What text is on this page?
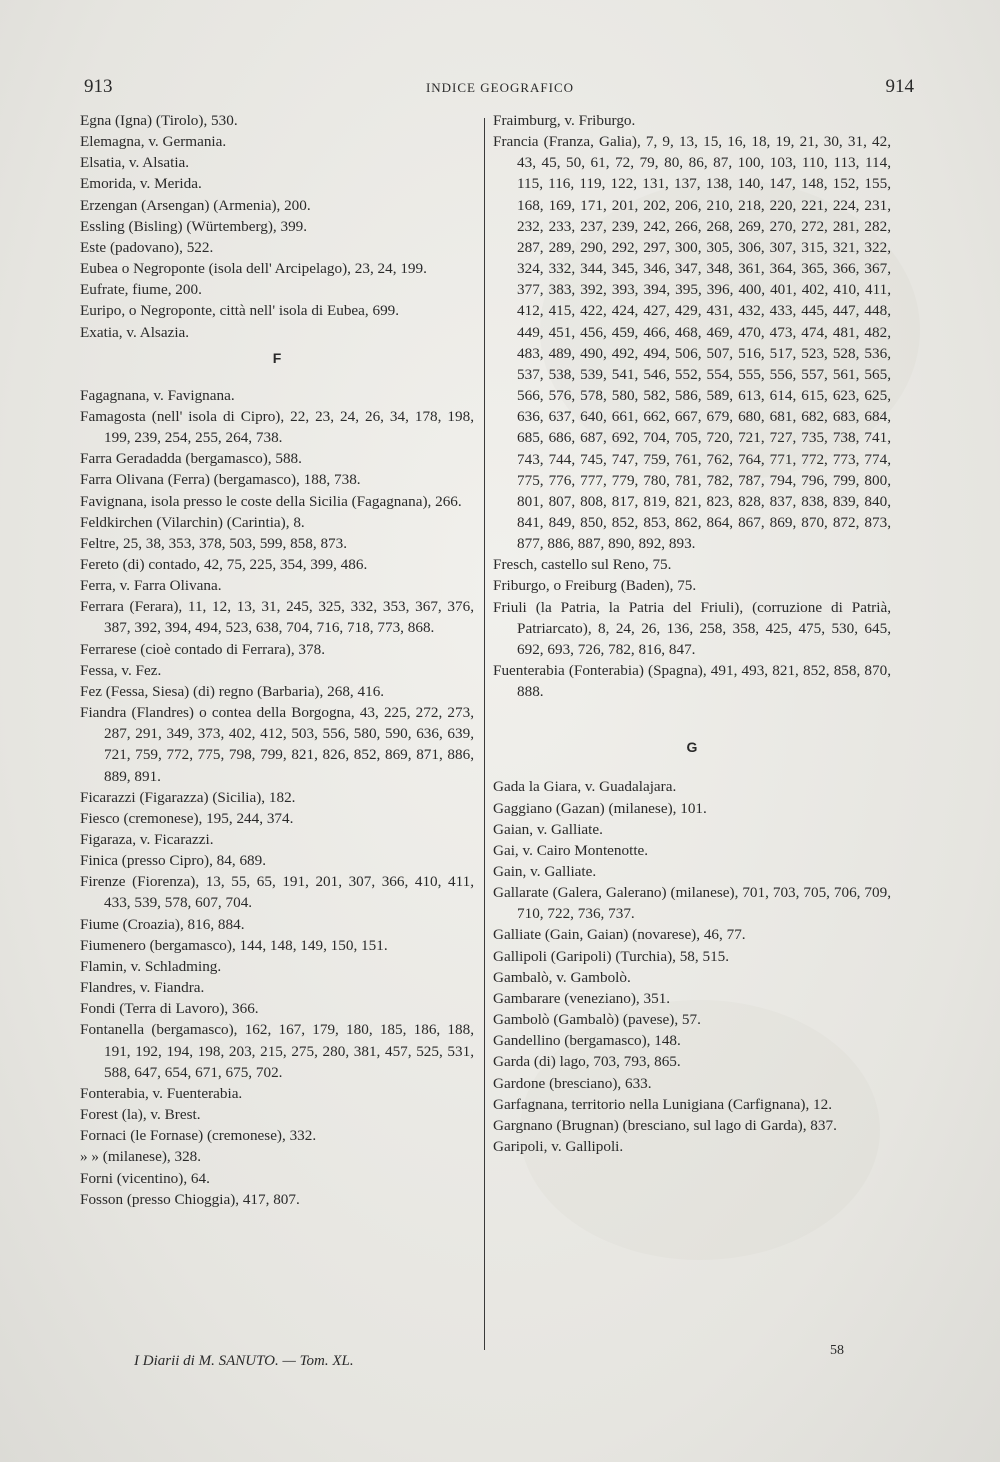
913	INDICE GEOGRAFICO	914
Egna (Igna) (Tirolo), 530.
Elemagna, v. Germania.
Elsatia, v. Alsatia.
Emorida, v. Merida.
Erzengan (Arsengan) (Armenia), 200.
Essling (Bisling) (Würtemberg), 399.
Este (padovano), 522.
Eubea o Negroponte (isola dell' Arcipelago), 23, 24, 199.
Eufrate, fiume, 200.
Euripo, o Negroponte, città nell' isola di Eubea, 699.
Exatia, v. Alsazia.
F
Fagagnana, v. Favignana.
Famagosta (nell' isola di Cipro), 22, 23, 24, 26, 34, 178, 198, 199, 239, 254, 255, 264, 738.
Farra Geradadda (bergamasco), 588.
Farra Olivana (Ferra) (bergamasco), 188, 738.
Favignana, isola presso le coste della Sicilia (Fagagnana), 266.
Feldkirchen (Vilarchin) (Carintia), 8.
Feltre, 25, 38, 353, 378, 503, 599, 858, 873.
Fereto (di) contado, 42, 75, 225, 354, 399, 486.
Ferra, v. Farra Olivana.
Ferrara (Ferara), 11, 12, 13, 31, 245, 325, 332, 353, 367, 376, 387, 392, 394, 494, 523, 638, 704, 716, 718, 773, 868.
Ferrarese (cioè contado di Ferrara), 378.
Fessa, v. Fez.
Fez (Fessa, Siesa) (di) regno (Barbaria), 268, 416.
Fiandra (Flandres) o contea della Borgogna, 43, 225, 272, 273, 287, 291, 349, 373, 402, 412, 503, 556, 580, 590, 636, 639, 721, 759, 772, 775, 798, 799, 821, 826, 852, 869, 871, 886, 889, 891.
Ficarazzi (Figarazza) (Sicilia), 182.
Fiesco (cremonese), 195, 244, 374.
Figaraza, v. Ficarazzi.
Finica (presso Cipro), 84, 689.
Firenze (Fiorenza), 13, 55, 65, 191, 201, 307, 366, 410, 411, 433, 539, 578, 607, 704.
Fiume (Croazia), 816, 884.
Fiumenero (bergamasco), 144, 148, 149, 150, 151.
Flamin, v. Schladming.
Flandres, v. Fiandra.
Fondi (Terra di Lavoro), 366.
Fontanella (bergamasco), 162, 167, 179, 180, 185, 186, 188, 191, 192, 194, 198, 203, 215, 275, 280, 381, 457, 525, 531, 588, 647, 654, 671, 675, 702.
Fonterabia, v. Fuenterabia.
Forest (la), v. Brest.
Fornaci (le Fornase) (cremonese), 332.
» » (milanese), 328.
Forni (vicentino), 64.
Fosson (presso Chioggia), 417, 807.
Fraimburg, v. Friburgo.
Francia (Franza, Galia), 7, 9, 13, 15, 16, 18, 19, 21, 30, 31, 42, 43, 45, 50, 61, 72, 79, 80, 86, 87, 100, 103, 110, 113, 114, 115, 116, 119, 122, 131, 137, 138, 140, 147, 148, 152, 155, 168, 169, 171, 201, 202, 206, 210, 218, 220, 221, 224, 231, 232, 233, 237, 239, 242, 266, 268, 269, 270, 272, 281, 282, 287, 289, 290, 292, 297, 300, 305, 306, 307, 315, 321, 322, 324, 332, 344, 345, 346, 347, 348, 361, 364, 365, 366, 367, 377, 383, 392, 393, 394, 395, 396, 400, 401, 402, 410, 411, 412, 415, 422, 424, 427, 429, 431, 432, 433, 445, 447, 448, 449, 451, 456, 459, 466, 468, 469, 470, 473, 474, 481, 482, 483, 489, 490, 492, 494, 506, 507, 516, 517, 523, 528, 536, 537, 538, 539, 541, 546, 552, 554, 555, 556, 557, 561, 565, 566, 576, 578, 580, 582, 586, 589, 613, 614, 615, 623, 625, 636, 637, 640, 661, 662, 667, 679, 680, 681, 682, 683, 684, 685, 686, 687, 692, 704, 705, 720, 721, 727, 735, 738, 741, 743, 744, 745, 747, 759, 761, 762, 764, 771, 772, 773, 774, 775, 776, 777, 779, 780, 781, 782, 787, 794, 796, 799, 800, 801, 807, 808, 817, 819, 821, 823, 828, 837, 838, 839, 840, 841, 849, 850, 852, 853, 862, 864, 867, 869, 870, 872, 873, 877, 886, 887, 890, 892, 893.
Fresch, castello sul Reno, 75.
Friburgo, o Freiburg (Baden), 75.
Friuli (la Patria, la Patria del Friuli), (corruzione di Patrià, Patriarcato), 8, 24, 26, 136, 258, 358, 425, 475, 530, 645, 692, 693, 726, 782, 816, 847.
Fuenterabia (Fonterabia) (Spagna), 491, 493, 821, 852, 858, 870, 888.
G
Gada la Giara, v. Guadalajara.
Gaggiano (Gazan) (milanese), 101.
Gaian, v. Galliate.
Gai, v. Cairo Montenotte.
Gain, v. Galliate.
Gallarate (Galera, Galerano) (milanese), 701, 703, 705, 706, 709, 710, 722, 736, 737.
Galliate (Gain, Gaian) (novarese), 46, 77.
Gallipoli (Garipoli) (Turchia), 58, 515.
Gambalò, v. Gambolò.
Gambarare (veneziano), 351.
Gambolò (Gambalò) (pavese), 57.
Gandellino (bergamasco), 148.
Garda (di) lago, 703, 793, 865.
Gardone (bresciano), 633.
Garfagnana, territorio nella Lunigiana (Carfignana), 12.
Gargnano (Brugnan) (bresciano, sul lago di Garda), 837.
Garipoli, v. Gallipoli.
I Diarii di M. SANUTO. — Tom. XL.
58
